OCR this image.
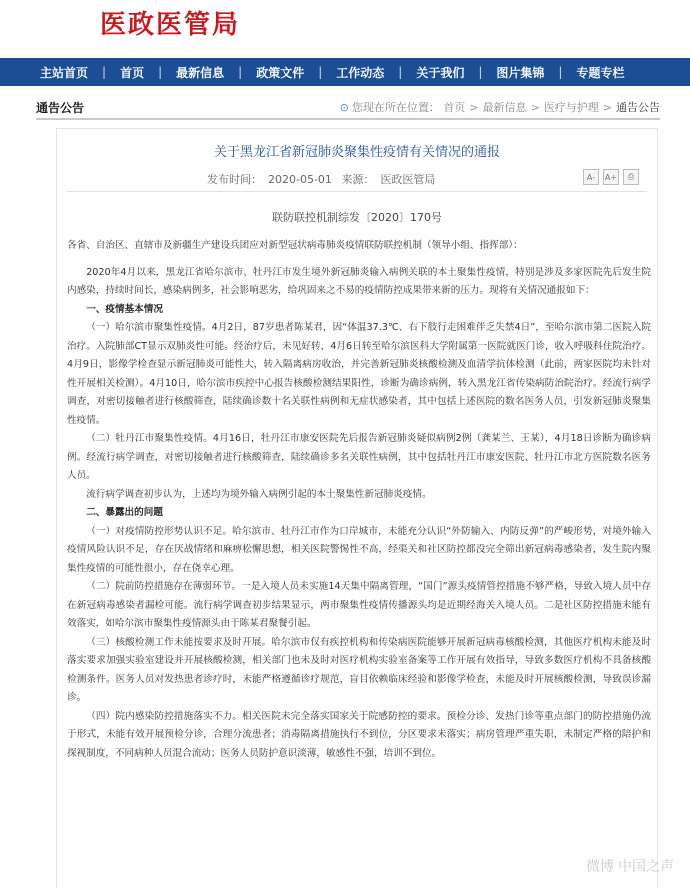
医政医管局
主站首页 | 首页 | 最新信息 | 政策文件 | 工作动态 | 关于我们 | 图片集锦 | 专题专栏
通告公告	⊙ 您现在所在位置： 首页 > 最新信息 > 医疗与护理 > 通告公告
关于黑龙江省新冠肺炎聚集性疫情有关情况的通报
发布时间： 2020-05-01 来源： 医政医管局	A-	A+	⎙
联防联控机制综发〔2020〕170号

各省、自治区、直辖市及新疆生产建设兵团应对新型冠状病毒肺炎疫情联防联控机制（领导小组、指挥部）：

2020年4月以来，黑龙江省哈尔滨市、牡丹江市发生境外新冠肺炎输入病例关联的本土聚集性疫情，特别是涉及多家医院先后发生院内感染，持续时间长，感染病例多，社会影响恶劣，给巩固来之不易的疫情防控成果带来新的压力。现将有关情况通报如下：

一、疫情基本情况

（一）哈尔滨市聚集性疫情。4月2日，87岁患者陈某君，因“体温37.3℃、右下肢行走困难伴乏失禁4日”，至哈尔滨市第二医院入院治疗。入院肺部CT显示双肺炎性可能。经治疗后，未见好转，4月6日转至哈尔滨医科大学附属第一医院就医门诊，收入呼吸科住院治疗。4月9日，影像学检查显示新冠肺炎可能性大，转入隔离病房收治，并完善新冠肺炎核酸检测及血清学抗体检测（此前，两家医院均未针对性开展相关检测）。4月10日，哈尔滨市疾控中心报告核酸检测结果阳性，诊断为确诊病例，转入黑龙江省传染病防治院治疗。经流行病学调查，对密切接触者进行核酸筛查，陆续确诊数十名关联性病例和无症状感染者，其中包括上述医院的数名医务人员，引发新冠肺炎聚集性疫情。

（二）牡丹江市聚集性疫情。4月16日，牡丹江市康安医院先后报告新冠肺炎疑似病例2例（龚某兰、王某），4月18日诊断为确诊病例。经流行病学调查，对密切接触者进行核酸筛查，陆续确诊多名关联性病例，其中包括牡丹江市康安医院、牡丹江市北方医院数名医务人员。

流行病学调查初步认为，上述均为境外输入病例引起的本土聚集性新冠肺炎疫情。

二、暴露出的问题

（一）对疫情防控形势认识不足。哈尔滨市、牡丹江市作为口岸城市，未能充分认识“外防输入、内防反弹”的严峻形势，对境外输入疫情风险认识不足，存在厌战情绪和麻痹松懈思想，相关医院警惕性不高，经渠关和社区防控都没完全筛出新冠病毒感染者，发生院内聚集性疫情的可能性很小，存在侥幸心理。

（二）院前防控措施存在薄弱环节。一是入境人员未实施14天集中隔离管理，“国门”源头疫情管控措施不够严格，导致入境人员中存在新冠病毒感染者漏检可能。流行病学调查初步结果显示，两市聚集性疫情传播源头均是近期经海关入境人员。二是社区防控措施未能有效落实，如哈尔滨市聚集性疫情源头由于陈某君聚餐引起。

（三）核酸检测工作未能按要求及时开展。哈尔滨市仅有疾控机构和传染病医院能够开展新冠病毒核酸检测，其他医疗机构未能及时落实要求加强实验室建设并开展核酸检测，相关部门也未及时对医疗机构实验室备案等工作开展有效指导，导致多数医疗机构不具备核酸检测条件。医务人员对发热患者诊疗时，未能严格遵循诊疗规范，盲目依赖临床经验和影像学检查，未能及时开展核酸检测，导致误诊漏诊。

（四）院内感染防控措施落实不力。相关医院未完全落实国家关于院感防控的要求。预检分诊、发热门诊等重点部门的防控措施仍流于形式，未能有效开展预检分诊，合理分流患者；消毒隔离措施执行不到位，分区要求未落实；病房管理严重失职，未制定严格的陪护和探视制度，不同病种人员混合流动；医务人员防护意识淡薄，敏感性不强，培训不到位。

微博 中国之声
